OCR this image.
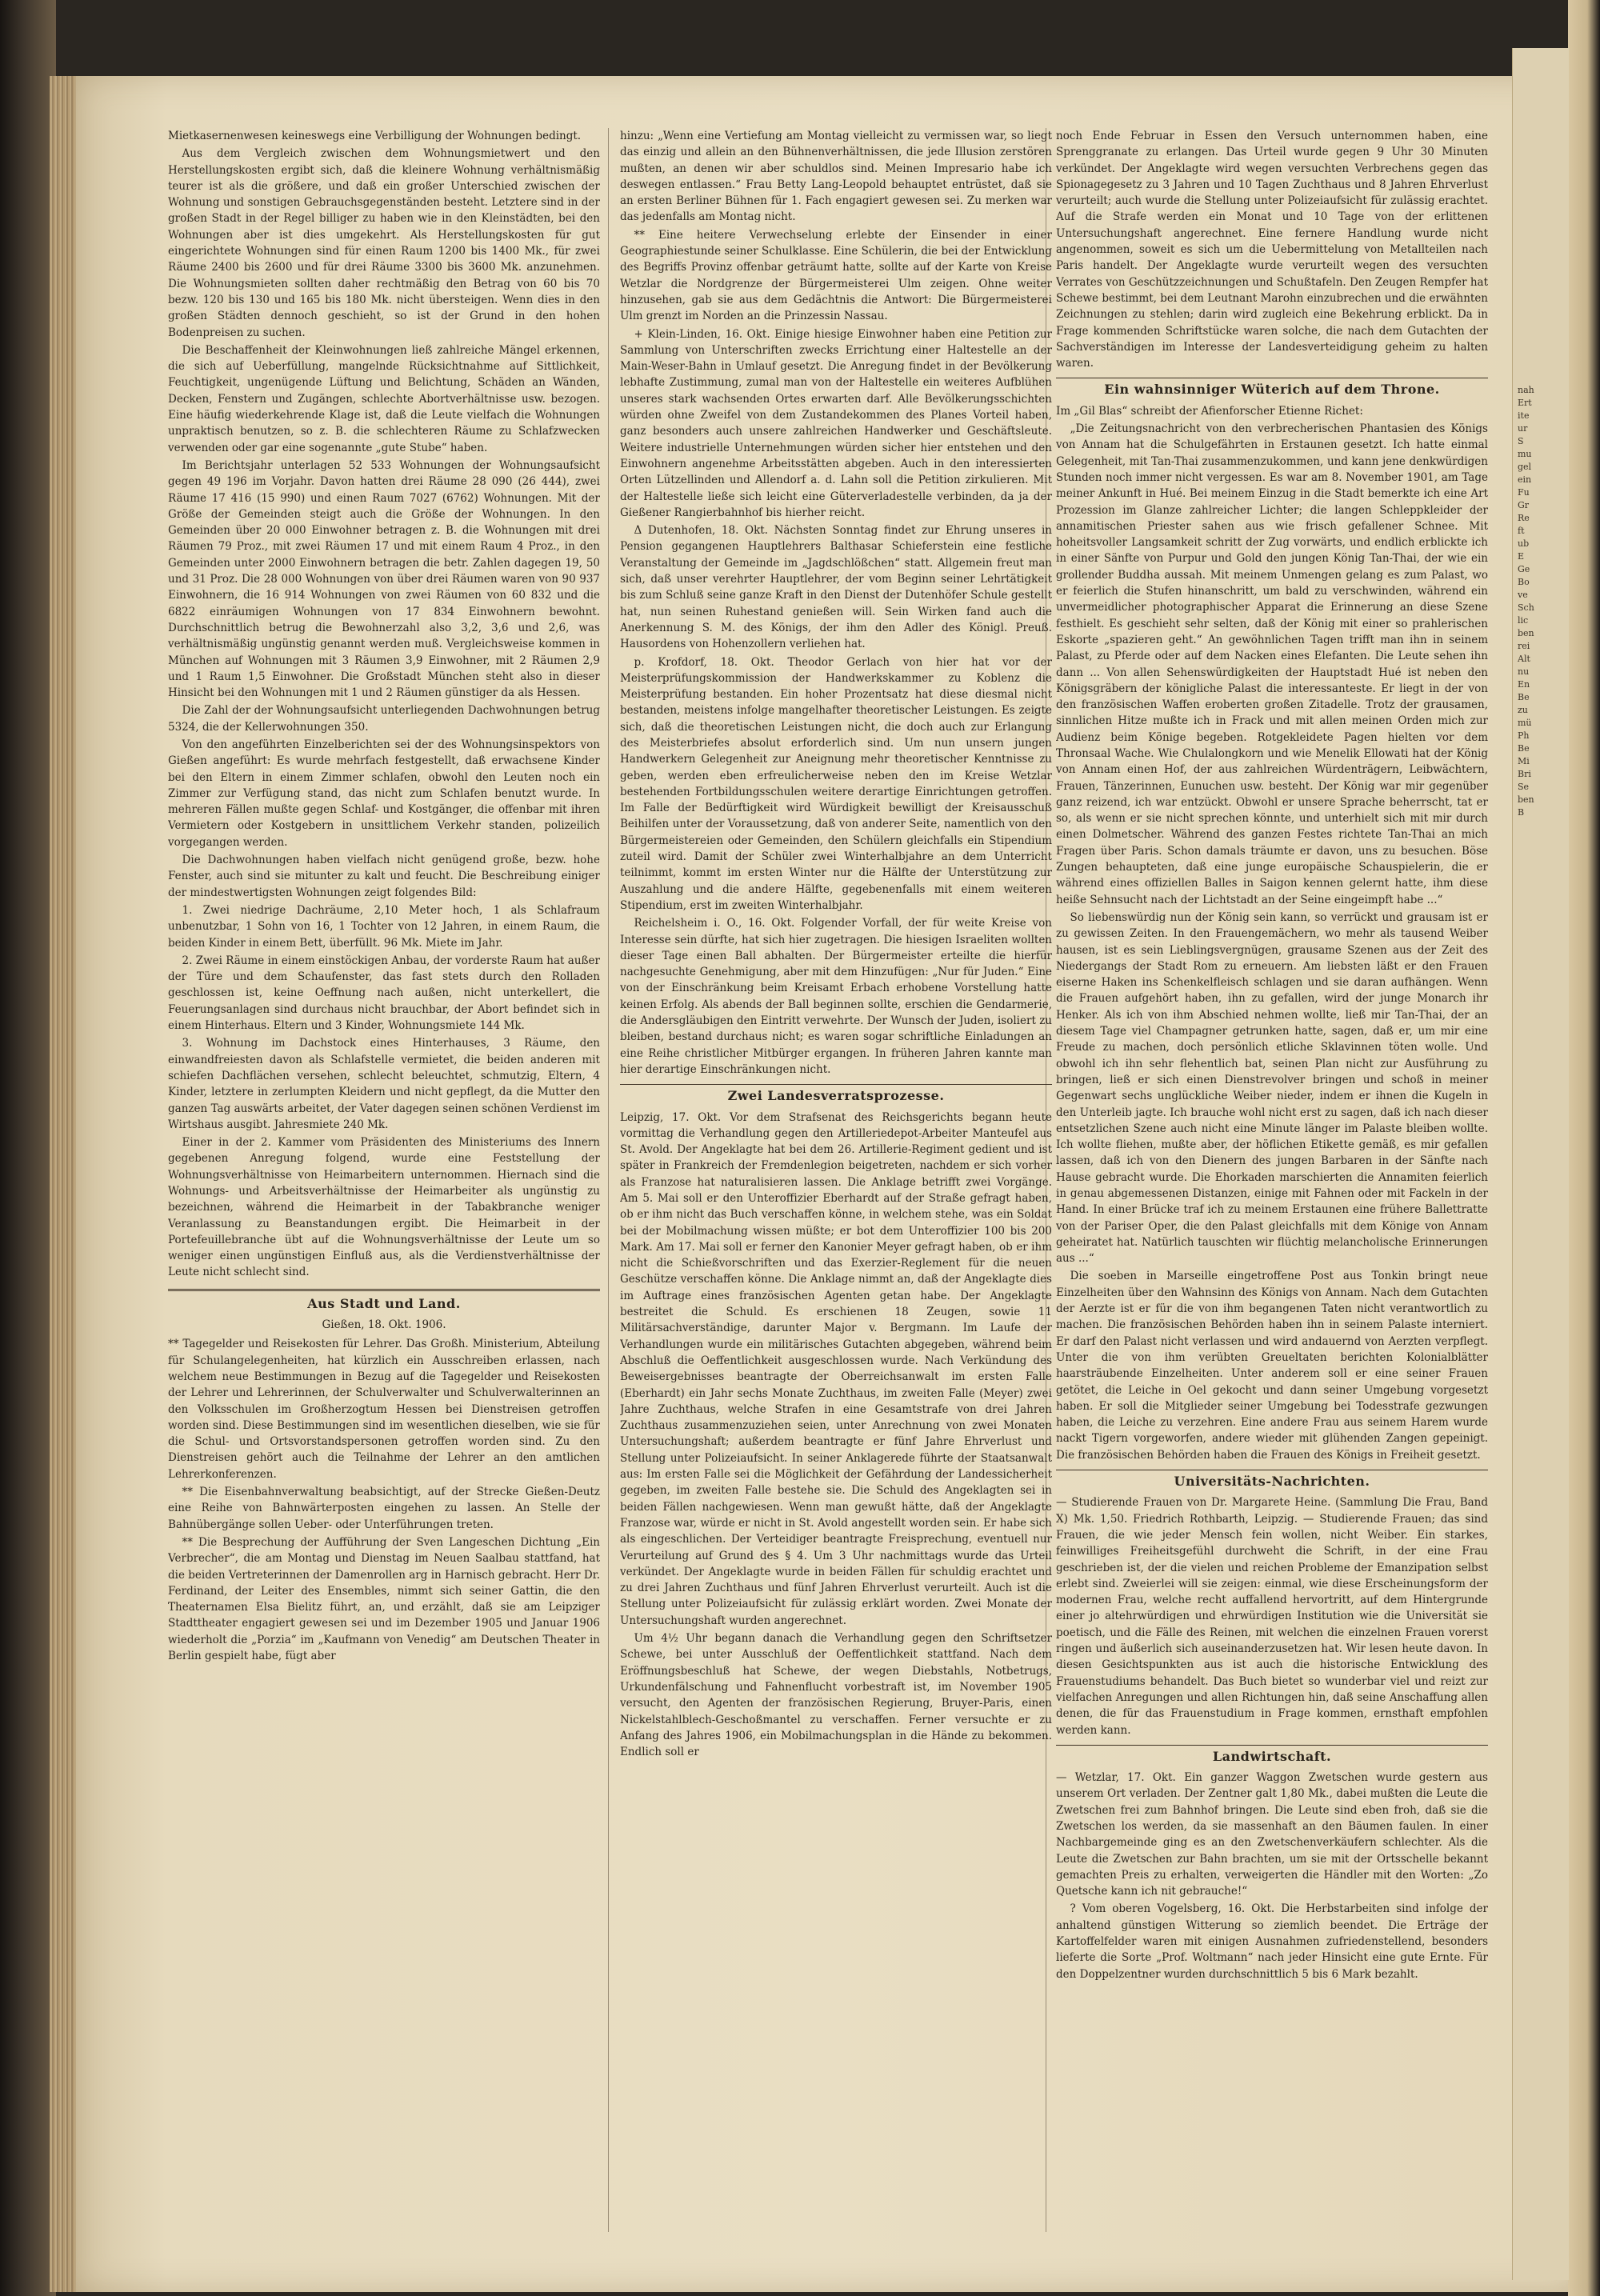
nah
Ert
ite
ur
S
mu
gel
ein
Fu
Gr
Re
ft
ub
E
Ge
Bo
ve
Sch
lic
ben
rei
Alt
nu
En
Be
zu
mü
Ph
Be
Mi
Bri
Se
ben
B

Mietkasernenwesen keineswegs eine Verbilligung der Wohnungen bedingt.

Aus dem Vergleich zwischen dem Wohnungsmietwert und den Herstellungskosten ergibt sich, daß die kleinere Wohnung verhältnismäßig teurer ist als die größere, und daß ein großer Unterschied zwischen der Wohnung und sonstigen Gebrauchsgegenständen besteht. Letztere sind in der großen Stadt in der Regel billiger zu haben wie in den Kleinstädten, bei den Wohnungen aber ist dies umgekehrt. Als Herstellungskosten für gut eingerichtete Wohnungen sind für einen Raum 1200 bis 1400 Mk., für zwei Räume 2400 bis 2600 und für drei Räume 3300 bis 3600 Mk. anzunehmen. Die Wohnungsmieten sollten daher rechtmäßig den Betrag von 60 bis 70 bezw. 120 bis 130 und 165 bis 180 Mk. nicht übersteigen. Wenn dies in den großen Städten dennoch geschieht, so ist der Grund in den hohen Bodenpreisen zu suchen.

Die Beschaffenheit der Kleinwohnungen ließ zahlreiche Mängel erkennen, die sich auf Ueberfüllung, mangelnde Rücksichtnahme auf Sittlichkeit, Feuchtigkeit, ungenügende Lüftung und Belichtung, Schäden an Wänden, Decken, Fenstern und Zugängen, schlechte Abortverhältnisse usw. bezogen. Eine häufig wiederkehrende Klage ist, daß die Leute vielfach die Wohnungen unpraktisch benutzen, so z. B. die schlechteren Räume zu Schlafzwecken verwenden oder gar eine sogenannte „gute Stube“ haben.

Im Berichtsjahr unterlagen 52 533 Wohnungen der Wohnungsaufsicht gegen 49 196 im Vorjahr. Davon hatten drei Räume 28 090 (26 444), zwei Räume 17 416 (15 990) und einen Raum 7027 (6762) Wohnungen. Mit der Größe der Gemeinden steigt auch die Größe der Wohnungen. In den Gemeinden über 20 000 Einwohner betragen z. B. die Wohnungen mit drei Räumen 79 Proz., mit zwei Räumen 17 und mit einem Raum 4 Proz., in den Gemeinden unter 2000 Einwohnern betragen die betr. Zahlen dagegen 19, 50 und 31 Proz. Die 28 000 Wohnungen von über drei Räumen waren von 90 937 Einwohnern, die 16 914 Wohnungen von zwei Räumen von 60 832 und die 6822 einräumigen Wohnungen von 17 834 Einwohnern bewohnt. Durchschnittlich betrug die Bewohnerzahl also 3,2, 3,6 und 2,6, was verhältnismäßig ungünstig genannt werden muß. Vergleichsweise kommen in München auf Wohnungen mit 3 Räumen 3,9 Einwohner, mit 2 Räumen 2,9 und 1 Raum 1,5 Einwohner. Die Großstadt München steht also in dieser Hinsicht bei den Wohnungen mit 1 und 2 Räumen günstiger da als Hessen.

Die Zahl der der Wohnungsaufsicht unterliegenden Dachwohnungen betrug 5324, die der Kellerwohnungen 350.

Von den angeführten Einzelberichten sei der des Wohnungsinspektors von Gießen angeführt: Es wurde mehrfach festgestellt, daß erwachsene Kinder bei den Eltern in einem Zimmer schlafen, obwohl den Leuten noch ein Zimmer zur Verfügung stand, das nicht zum Schlafen benutzt wurde. In mehreren Fällen mußte gegen Schlaf- und Kostgänger, die offenbar mit ihren Vermietern oder Kostgebern in unsittlichem Verkehr standen, polizeilich vorgegangen werden.

Die Dachwohnungen haben vielfach nicht genügend große, bezw. hohe Fenster, auch sind sie mitunter zu kalt und feucht. Die Beschreibung einiger der mindestwertigsten Wohnungen zeigt folgendes Bild:

1. Zwei niedrige Dachräume, 2,10 Meter hoch, 1 als Schlafraum unbenutzbar, 1 Sohn von 16, 1 Tochter von 12 Jahren, in einem Raum, die beiden Kinder in einem Bett, überfüllt. 96 Mk. Miete im Jahr.

2. Zwei Räume in einem einstöckigen Anbau, der vorderste Raum hat außer der Türe und dem Schaufenster, das fast stets durch den Rolladen geschlossen ist, keine Oeffnung nach außen, nicht unterkellert, die Feuerungsanlagen sind durchaus nicht brauchbar, der Abort befindet sich in einem Hinterhaus. Eltern und 3 Kinder, Wohnungsmiete 144 Mk.

3. Wohnung im Dachstock eines Hinterhauses, 3 Räume, den einwandfreiesten davon als Schlafstelle vermietet, die beiden anderen mit schiefen Dachflächen versehen, schlecht beleuchtet, schmutzig, Eltern, 4 Kinder, letztere in zerlumpten Kleidern und nicht gepflegt, da die Mutter den ganzen Tag auswärts arbeitet, der Vater dagegen seinen schönen Verdienst im Wirtshaus ausgibt. Jahresmiete 240 Mk.

Einer in der 2. Kammer vom Präsidenten des Ministeriums des Innern gegebenen Anregung folgend, wurde eine Feststellung der Wohnungsverhältnisse von Heimarbeitern unternommen. Hiernach sind die Wohnungs- und Arbeitsverhältnisse der Heimarbeiter als ungünstig zu bezeichnen, während die Heimarbeit in der Tabakbranche weniger Veranlassung zu Beanstandungen ergibt. Die Heimarbeit in der Portefeuillebranche übt auf die Wohnungsverhältnisse der Leute um so weniger einen ungünstigen Einfluß aus, als die Verdienstverhältnisse der Leute nicht schlecht sind.

Aus Stadt und Land.
Gießen, 18. Okt. 1906.

** Tagegelder und Reisekosten für Lehrer. Das Großh. Ministerium, Abteilung für Schulangelegenheiten, hat kürzlich ein Ausschreiben erlassen, nach welchem neue Bestimmungen in Bezug auf die Tagegelder und Reisekosten der Lehrer und Lehrerinnen, der Schulverwalter und Schulverwalterinnen an den Volksschulen im Großherzogtum Hessen bei Dienstreisen getroffen worden sind. Diese Bestimmungen sind im wesentlichen dieselben, wie sie für die Schul- und Ortsvorstandspersonen getroffen worden sind. Zu den Dienstreisen gehört auch die Teilnahme der Lehrer an den amtlichen Lehrerkonferenzen.

** Die Eisenbahnverwaltung beabsichtigt, auf der Strecke Gießen-Deutz eine Reihe von Bahnwärterposten eingehen zu lassen. An Stelle der Bahnübergänge sollen Ueber- oder Unterführungen treten.

** Die Besprechung der Aufführung der Sven Langeschen Dichtung „Ein Verbrecher“, die am Montag und Dienstag im Neuen Saalbau stattfand, hat die beiden Vertreterinnen der Damenrollen arg in Harnisch gebracht. Herr Dr. Ferdinand, der Leiter des Ensembles, nimmt sich seiner Gattin, die den Theaternamen Elsa Bielitz führt, an, und erzählt, daß sie am Leipziger Stadttheater engagiert gewesen sei und im Dezember 1905 und Januar 1906 wiederholt die „Porzia“ im „Kaufmann von Venedig“ am Deutschen Theater in Berlin gespielt habe, fügt aber

hinzu: „Wenn eine Vertiefung am Montag vielleicht zu vermissen war, so liegt das einzig und allein an den Bühnenverhältnissen, die jede Illusion zerstören mußten, an denen wir aber schuldlos sind. Meinen Impresario habe ich deswegen entlassen.“ Frau Betty Lang-Leopold behauptet entrüstet, daß sie an ersten Berliner Bühnen für 1. Fach engagiert gewesen sei. Zu merken war das jedenfalls am Montag nicht.

** Eine heitere Verwechselung erlebte der Einsender in einer Geographiestunde seiner Schulklasse. Eine Schülerin, die bei der Entwicklung des Begriffs Provinz offenbar geträumt hatte, sollte auf der Karte von Kreise Wetzlar die Nordgrenze der Bürgermeisterei Ulm zeigen. Ohne weiter hinzusehen, gab sie aus dem Gedächtnis die Antwort: Die Bürgermeisterei Ulm grenzt im Norden an die Prinzessin Nassau.

+ Klein-Linden, 16. Okt. Einige hiesige Einwohner haben eine Petition zur Sammlung von Unterschriften zwecks Errichtung einer Haltestelle an der Main-Weser-Bahn in Umlauf gesetzt. Die Anregung findet in der Bevölkerung lebhafte Zustimmung, zumal man von der Haltestelle ein weiteres Aufblühen unseres stark wachsenden Ortes erwarten darf. Alle Bevölkerungsschichten würden ohne Zweifel von dem Zustandekommen des Planes Vorteil haben, ganz besonders auch unsere zahlreichen Handwerker und Geschäftsleute. Weitere industrielle Unternehmungen würden sicher hier entstehen und den Einwohnern angenehme Arbeitsstätten abgeben. Auch in den interessierten Orten Lützellinden und Allendorf a. d. Lahn soll die Petition zirkulieren. Mit der Haltestelle ließe sich leicht eine Güterverladestelle verbinden, da ja der Gießener Rangierbahnhof bis hierher reicht.

Δ Dutenhofen, 18. Okt. Nächsten Sonntag findet zur Ehrung unseres in Pension gegangenen Hauptlehrers Balthasar Schieferstein eine festliche Veranstaltung der Gemeinde im „Jagdschlößchen“ statt. Allgemein freut man sich, daß unser verehrter Hauptlehrer, der vom Beginn seiner Lehrtätigkeit bis zum Schluß seine ganze Kraft in den Dienst der Dutenhöfer Schule gestellt hat, nun seinen Ruhestand genießen will. Sein Wirken fand auch die Anerkennung S. M. des Königs, der ihm den Adler des Königl. Preuß. Hausordens von Hohenzollern verliehen hat.

p. Krofdorf, 18. Okt. Theodor Gerlach von hier hat vor der Meisterprüfungskommission der Handwerkskammer zu Koblenz die Meisterprüfung bestanden. Ein hoher Prozentsatz hat diese diesmal nicht bestanden, meistens infolge mangelhafter theoretischer Leistungen. Es zeigte sich, daß die theoretischen Leistungen nicht, die doch auch zur Erlangung des Meisterbriefes absolut erforderlich sind. Um nun unsern jungen Handwerkern Gelegenheit zur Aneignung mehr theoretischer Kenntnisse zu geben, werden eben erfreulicherweise neben den im Kreise Wetzlar bestehenden Fortbildungsschulen weitere derartige Einrichtungen getroffen. Im Falle der Bedürftigkeit wird Würdigkeit bewilligt der Kreisausschuß Beihilfen unter der Voraussetzung, daß von anderer Seite, namentlich von den Bürgermeistereien oder Gemeinden, den Schülern gleichfalls ein Stipendium zuteil wird. Damit der Schüler zwei Winterhalbjahre an dem Unterricht teilnimmt, kommt im ersten Winter nur die Hälfte der Unterstützung zur Auszahlung und die andere Hälfte, gegebenenfalls mit einem weiteren Stipendium, erst im zweiten Winterhalbjahr.

Reichelsheim i. O., 16. Okt. Folgender Vorfall, der für weite Kreise von Interesse sein dürfte, hat sich hier zugetragen. Die hiesigen Israeliten wollten dieser Tage einen Ball abhalten. Der Bürgermeister erteilte die hierfür nachgesuchte Genehmigung, aber mit dem Hinzufügen: „Nur für Juden.“ Eine von der Einschränkung beim Kreisamt Erbach erhobene Vorstellung hatte keinen Erfolg. Als abends der Ball beginnen sollte, erschien die Gendarmerie, die Andersgläubigen den Eintritt verwehrte. Der Wunsch der Juden, isoliert zu bleiben, bestand durchaus nicht; es waren sogar schriftliche Einladungen an eine Reihe christlicher Mitbürger ergangen. In früheren Jahren kannte man hier derartige Einschränkungen nicht.

Zwei Landesverratsprozesse.

Leipzig, 17. Okt. Vor dem Strafsenat des Reichsgerichts begann heute vormittag die Verhandlung gegen den Artilleriedepot-Arbeiter Manteufel aus St. Avold. Der Angeklagte hat bei dem 26. Artillerie-Regiment gedient und ist später in Frankreich der Fremdenlegion beigetreten, nachdem er sich vorher als Franzose hat naturalisieren lassen. Die Anklage betrifft zwei Vorgänge. Am 5. Mai soll er den Unteroffizier Eberhardt auf der Straße gefragt haben, ob er ihm nicht das Buch verschaffen könne, in welchem stehe, was ein Soldat bei der Mobilmachung wissen müßte; er bot dem Unteroffizier 100 bis 200 Mark. Am 17. Mai soll er ferner den Kanonier Meyer gefragt haben, ob er ihm nicht die Schießvorschriften und das Exerzier-Reglement für die neuen Geschütze verschaffen könne. Die Anklage nimmt an, daß der Angeklagte dies im Auftrage eines französischen Agenten getan habe. Der Angeklagte bestreitet die Schuld. Es erschienen 18 Zeugen, sowie 11 Militärsachverständige, darunter Major v. Bergmann. Im Laufe der Verhandlungen wurde ein militärisches Gutachten abgegeben, während beim Abschluß die Oeffentlichkeit ausgeschlossen wurde. Nach Verkündung des Beweisergebnisses beantragte der Oberreichsanwalt im ersten Falle (Eberhardt) ein Jahr sechs Monate Zuchthaus, im zweiten Falle (Meyer) zwei Jahre Zuchthaus, welche Strafen in eine Gesamtstrafe von drei Jahren Zuchthaus zusammenzuziehen seien, unter Anrechnung von zwei Monaten Untersuchungshaft; außerdem beantragte er fünf Jahre Ehrverlust und Stellung unter Polizeiaufsicht. In seiner Anklagerede führte der Staatsanwalt aus: Im ersten Falle sei die Möglichkeit der Gefährdung der Landessicherheit gegeben, im zweiten Falle bestehe sie. Die Schuld des Angeklagten sei in beiden Fällen nachgewiesen. Wenn man gewußt hätte, daß der Angeklagte Franzose war, würde er nicht in St. Avold angestellt worden sein. Er habe sich als eingeschlichen. Der Verteidiger beantragte Freisprechung, eventuell nur Verurteilung auf Grund des § 4. Um 3 Uhr nachmittags wurde das Urteil verkündet. Der Angeklagte wurde in beiden Fällen für schuldig erachtet und zu drei Jahren Zuchthaus und fünf Jahren Ehrverlust verurteilt. Auch ist die Stellung unter Polizeiaufsicht für zulässig erklärt worden. Zwei Monate der Untersuchungshaft wurden angerechnet.

Um 4½ Uhr begann danach die Verhandlung gegen den Schriftsetzer Schewe, bei unter Ausschluß der Oeffentlichkeit stattfand. Nach dem Eröffnungsbeschluß hat Schewe, der wegen Diebstahls, Notbetrugs, Urkundenfälschung und Fahnenflucht vorbestraft ist, im November 1905 versucht, den Agenten der französischen Regierung, Bruyer-Paris, einen Nickelstahlblech-Geschoßmantel zu verschaffen. Ferner versuchte er zu Anfang des Jahres 1906, ein Mobilmachungsplan in die Hände zu bekommen. Endlich soll er

noch Ende Februar in Essen den Versuch unternommen haben, eine Sprenggranate zu erlangen. Das Urteil wurde gegen 9 Uhr 30 Minuten verkündet. Der Angeklagte wird wegen versuchten Verbrechens gegen das Spionagegesetz zu 3 Jahren und 10 Tagen Zuchthaus und 8 Jahren Ehrverlust verurteilt; auch wurde die Stellung unter Polizeiaufsicht für zulässig erachtet. Auf die Strafe werden ein Monat und 10 Tage von der erlittenen Untersuchungshaft angerechnet. Eine fernere Handlung wurde nicht angenommen, soweit es sich um die Uebermittelung von Metallteilen nach Paris handelt. Der Angeklagte wurde verurteilt wegen des versuchten Verrates von Geschützzeichnungen und Schußtafeln. Den Zeugen Rempfer hat Schewe bestimmt, bei dem Leutnant Marohn einzubrechen und die erwähnten Zeichnungen zu stehlen; darin wird zugleich eine Bekehrung erblickt. Da in Frage kommenden Schriftstücke waren solche, die nach dem Gutachten der Sachverständigen im Interesse der Landesverteidigung geheim zu halten waren.

Ein wahnsinniger Wüterich auf dem Throne.

Im „Gil Blas“ schreibt der Afienforscher Etienne Richet:

„Die Zeitungsnachricht von den verbrecherischen Phantasien des Königs von Annam hat die Schulgefährten in Erstaunen gesetzt. Ich hatte einmal Gelegenheit, mit Tan-Thai zusammenzukommen, und kann jene denkwürdigen Stunden noch immer nicht vergessen. Es war am 8. November 1901, am Tage meiner Ankunft in Hué. Bei meinem Einzug in die Stadt bemerkte ich eine Art Prozession im Glanze zahlreicher Lichter; die langen Schleppkleider der annamitischen Priester sahen aus wie frisch gefallener Schnee. Mit hoheitsvoller Langsamkeit schritt der Zug vorwärts, und endlich erblickte ich in einer Sänfte von Purpur und Gold den jungen König Tan-Thai, der wie ein grollender Buddha aussah. Mit meinem Unmengen gelang es zum Palast, wo er feierlich die Stufen hinanschritt, um bald zu verschwinden, während ein unvermeidlicher photographischer Apparat die Erinnerung an diese Szene festhielt. Es geschieht sehr selten, daß der König mit einer so prahlerischen Eskorte „spazieren geht.“ An gewöhnlichen Tagen trifft man ihn in seinem Palast, zu Pferde oder auf dem Nacken eines Elefanten. Die Leute sehen ihn dann ... Von allen Sehenswürdigkeiten der Hauptstadt Hué ist neben den Königsgräbern der königliche Palast die interessanteste. Er liegt in der von den französischen Waffen eroberten großen Zitadelle. Trotz der grausamen, sinnlichen Hitze mußte ich in Frack und mit allen meinen Orden mich zur Audienz beim Könige begeben. Rotgekleidete Pagen hielten vor dem Thronsaal Wache. Wie Chulalongkorn und wie Menelik Ellowati hat der König von Annam einen Hof, der aus zahlreichen Würdenträgern, Leibwächtern, Frauen, Tänzerinnen, Eunuchen usw. besteht. Der König war mir gegenüber ganz reizend, ich war entzückt. Obwohl er unsere Sprache beherrscht, tat er so, als wenn er sie nicht sprechen könnte, und unterhielt sich mit mir durch einen Dolmetscher. Während des ganzen Festes richtete Tan-Thai an mich Fragen über Paris. Schon damals träumte er davon, uns zu besuchen. Böse Zungen behaupteten, daß eine junge europäische Schauspielerin, die er während eines offiziellen Balles in Saigon kennen gelernt hatte, ihm diese heiße Sehnsucht nach der Lichtstadt an der Seine eingeimpft habe ...“

So liebenswürdig nun der König sein kann, so verrückt und grausam ist er zu gewissen Zeiten. In den Frauengemächern, wo mehr als tausend Weiber hausen, ist es sein Lieblingsvergnügen, grausame Szenen aus der Zeit des Niedergangs der Stadt Rom zu erneuern. Am liebsten läßt er den Frauen eiserne Haken ins Schenkelfleisch schlagen und sie daran aufhängen. Wenn die Frauen aufgehört haben, ihn zu gefallen, wird der junge Monarch ihr Henker. Als ich von ihm Abschied nehmen wollte, ließ mir Tan-Thai, der an diesem Tage viel Champagner getrunken hatte, sagen, daß er, um mir eine Freude zu machen, doch persönlich etliche Sklavinnen töten wolle. Und obwohl ich ihn sehr flehentlich bat, seinen Plan nicht zur Ausführung zu bringen, ließ er sich einen Dienstrevolver bringen und schoß in meiner Gegenwart sechs unglückliche Weiber nieder, indem er ihnen die Kugeln in den Unterleib jagte. Ich brauche wohl nicht erst zu sagen, daß ich nach dieser entsetzlichen Szene auch nicht eine Minute länger im Palaste bleiben wollte. Ich wollte fliehen, mußte aber, der höflichen Etikette gemäß, es mir gefallen lassen, daß ich von den Dienern des jungen Barbaren in der Sänfte nach Hause gebracht wurde. Die Ehorkaden marschierten die Annamiten feierlich in genau abgemessenen Distanzen, einige mit Fahnen oder mit Fackeln in der Hand. In einer Brücke traf ich zu meinem Erstaunen eine frühere Ballettratte von der Pariser Oper, die den Palast gleichfalls mit dem Könige von Annam geheiratet hat. Natürlich tauschten wir flüchtig melancholische Erinnerungen aus ...“

Die soeben in Marseille eingetroffene Post aus Tonkin bringt neue Einzelheiten über den Wahnsinn des Königs von Annam. Nach dem Gutachten der Aerzte ist er für die von ihm begangenen Taten nicht verantwortlich zu machen. Die französischen Behörden haben ihn in seinem Palaste interniert. Er darf den Palast nicht verlassen und wird andauernd von Aerzten verpflegt. Unter die von ihm verübten Greueltaten berichten Kolonialblätter haarsträubende Einzelheiten. Unter anderem soll er eine seiner Frauen getötet, die Leiche in Oel gekocht und dann seiner Umgebung vorgesetzt haben. Er soll die Mitglieder seiner Umgebung bei Todesstrafe gezwungen haben, die Leiche zu verzehren. Eine andere Frau aus seinem Harem wurde nackt Tigern vorgeworfen, andere wieder mit glühenden Zangen gepeinigt. Die französischen Behörden haben die Frauen des Königs in Freiheit gesetzt.

Universitäts-Nachrichten.

— Studierende Frauen von Dr. Margarete Heine. (Sammlung Die Frau, Band X) Mk. 1,50. Friedrich Rothbarth, Leipzig. — Studierende Frauen; das sind Frauen, die wie jeder Mensch fein wollen, nicht Weiber. Ein starkes, feinwilliges Freiheitsgefühl durchweht die Schrift, in der eine Frau geschrieben ist, der die vielen und reichen Probleme der Emanzipation selbst erlebt sind. Zweierlei will sie zeigen: einmal, wie diese Erscheinungsform der modernen Frau, welche recht auffallend hervortritt, auf dem Hintergrunde einer jo altehrwürdigen und ehrwürdigen Institution wie die Universität sie poetisch, und die Fälle des Reinen, mit welchen die einzelnen Frauen vorerst ringen und äußerlich sich auseinanderzusetzen hat. Wir lesen heute davon. In diesen Gesichtspunkten aus ist auch die historische Entwicklung des Frauenstudiums behandelt. Das Buch bietet so wunderbar viel und reizt zur vielfachen Anregungen und allen Richtungen hin, daß seine Anschaffung allen denen, die für das Frauenstudium in Frage kommen, ernsthaft empfohlen werden kann.

Landwirtschaft.

— Wetzlar, 17. Okt. Ein ganzer Waggon Zwetschen wurde gestern aus unserem Ort verladen. Der Zentner galt 1,80 Mk., dabei mußten die Leute die Zwetschen frei zum Bahnhof bringen. Die Leute sind eben froh, daß sie die Zwetschen los werden, da sie massenhaft an den Bäumen faulen. In einer Nachbargemeinde ging es an den Zwetschenverkäufern schlechter. Als die Leute die Zwetschen zur Bahn brachten, um sie mit der Ortsschelle bekannt gemachten Preis zu erhalten, verweigerten die Händler mit den Worten: „Zo Quetsche kann ich nit gebrauche!“

? Vom oberen Vogelsberg, 16. Okt. Die Herbstarbeiten sind infolge der anhaltend günstigen Witterung so ziemlich beendet. Die Erträge der Kartoffelfelder waren mit einigen Ausnahmen zufriedenstellend, besonders lieferte die Sorte „Prof. Woltmann“ nach jeder Hinsicht eine gute Ernte. Für den Doppelzentner wurden durchschnittlich 5 bis 6 Mark bezahlt.
